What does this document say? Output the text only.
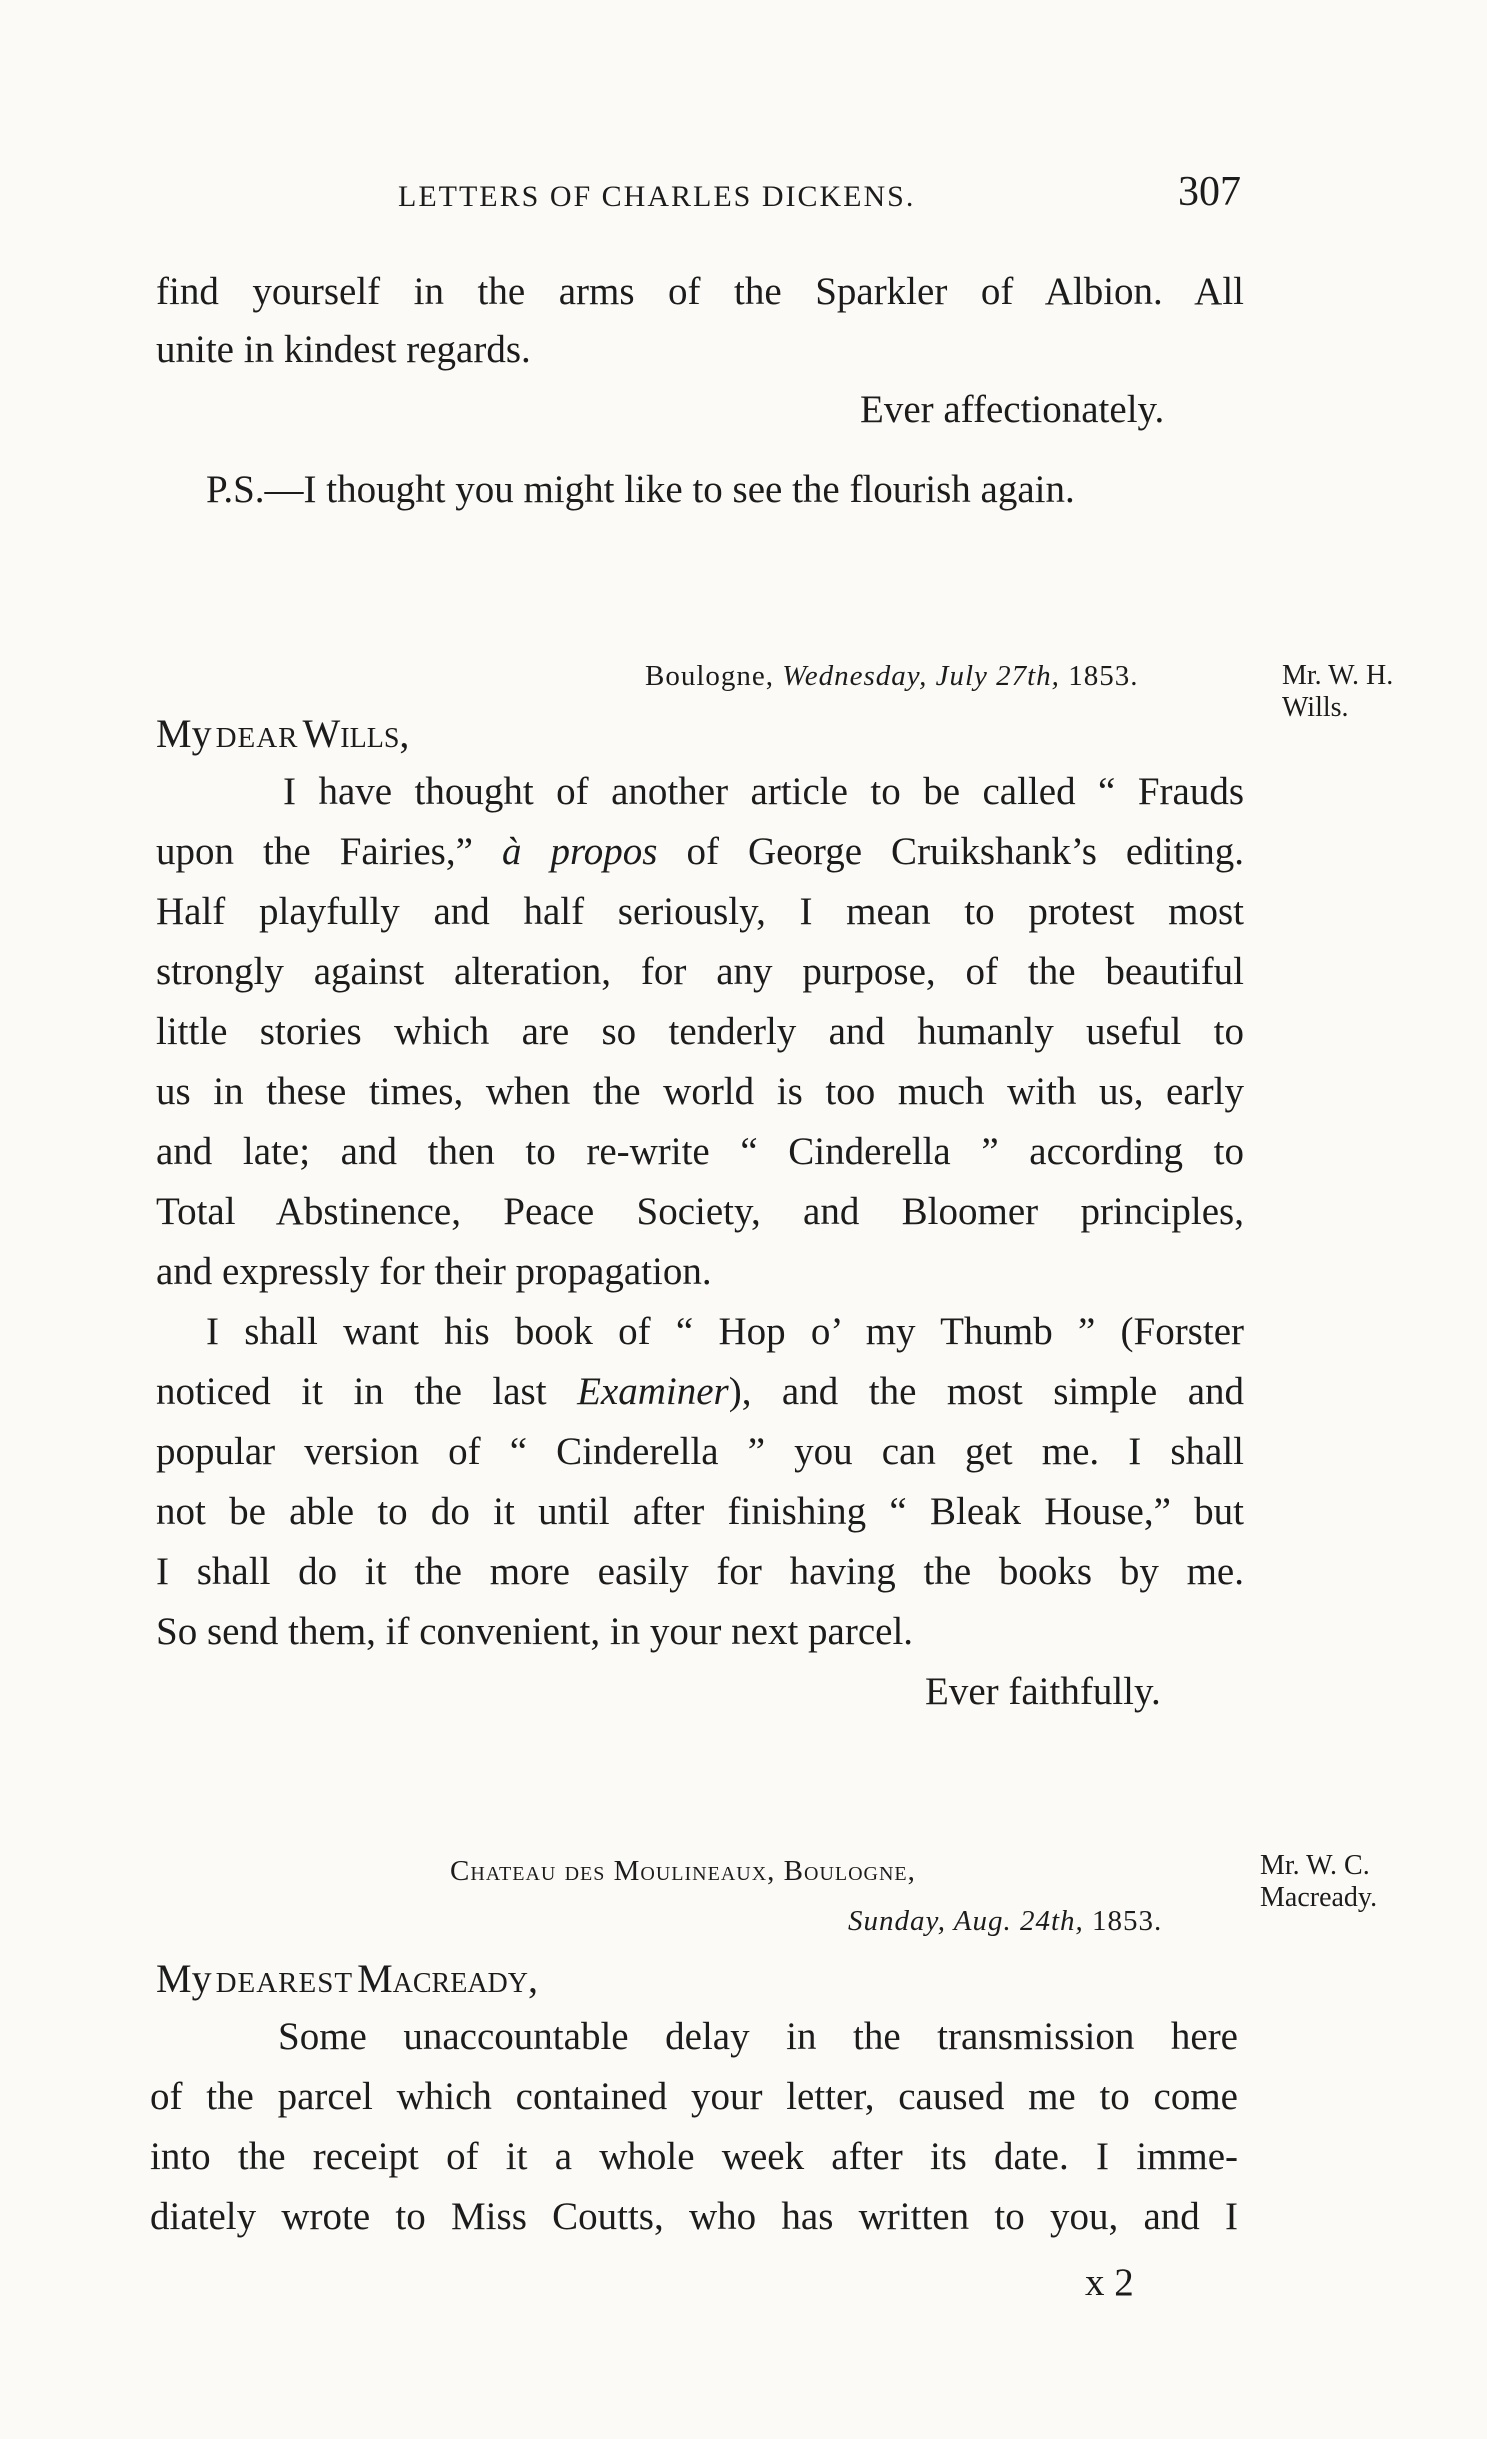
LETTERS OF CHARLES DICKENS.	307
find yourself in the arms of the Sparkler of Albion. All
unite in kindest regards.
Ever affectionately.
P.S.—I thought you might like to see the flourish again.
Boulogne, Wednesday, July 27th, 1853.	Mr. W. H. Wills.
My DEAR Wills,
I have thought of another article to be called “ Frauds
upon the Fairies,” à propos of George Cruikshank’s editing.
Half playfully and half seriously, I mean to protest most
strongly against alteration, for any purpose, of the beautiful
little stories which are so tenderly and humanly useful to
us in these times, when the world is too much with us, early
and late; and then to re-write “ Cinderella ” according to
Total Abstinence, Peace Society, and Bloomer principles,
and expressly for their propagation.
I shall want his book of “ Hop o’ my Thumb ” (Forster
noticed it in the last Examiner), and the most simple and
popular version of “ Cinderella ” you can get me. I shall
not be able to do it until after finishing “ Bleak House,” but
I shall do it the more easily for having the books by me.
So send them, if convenient, in your next parcel.
Ever faithfully.
Chateau des Moulineaux, Boulogne,
Sunday, Aug. 24th, 1853.
Mr. W. C. Macready.
My DEAREST Macready,
Some unaccountable delay in the transmission here
of the parcel which contained your letter, caused me to come
into the receipt of it a whole week after its date. I imme-
diately wrote to Miss Coutts, who has written to you, and I
x 2
